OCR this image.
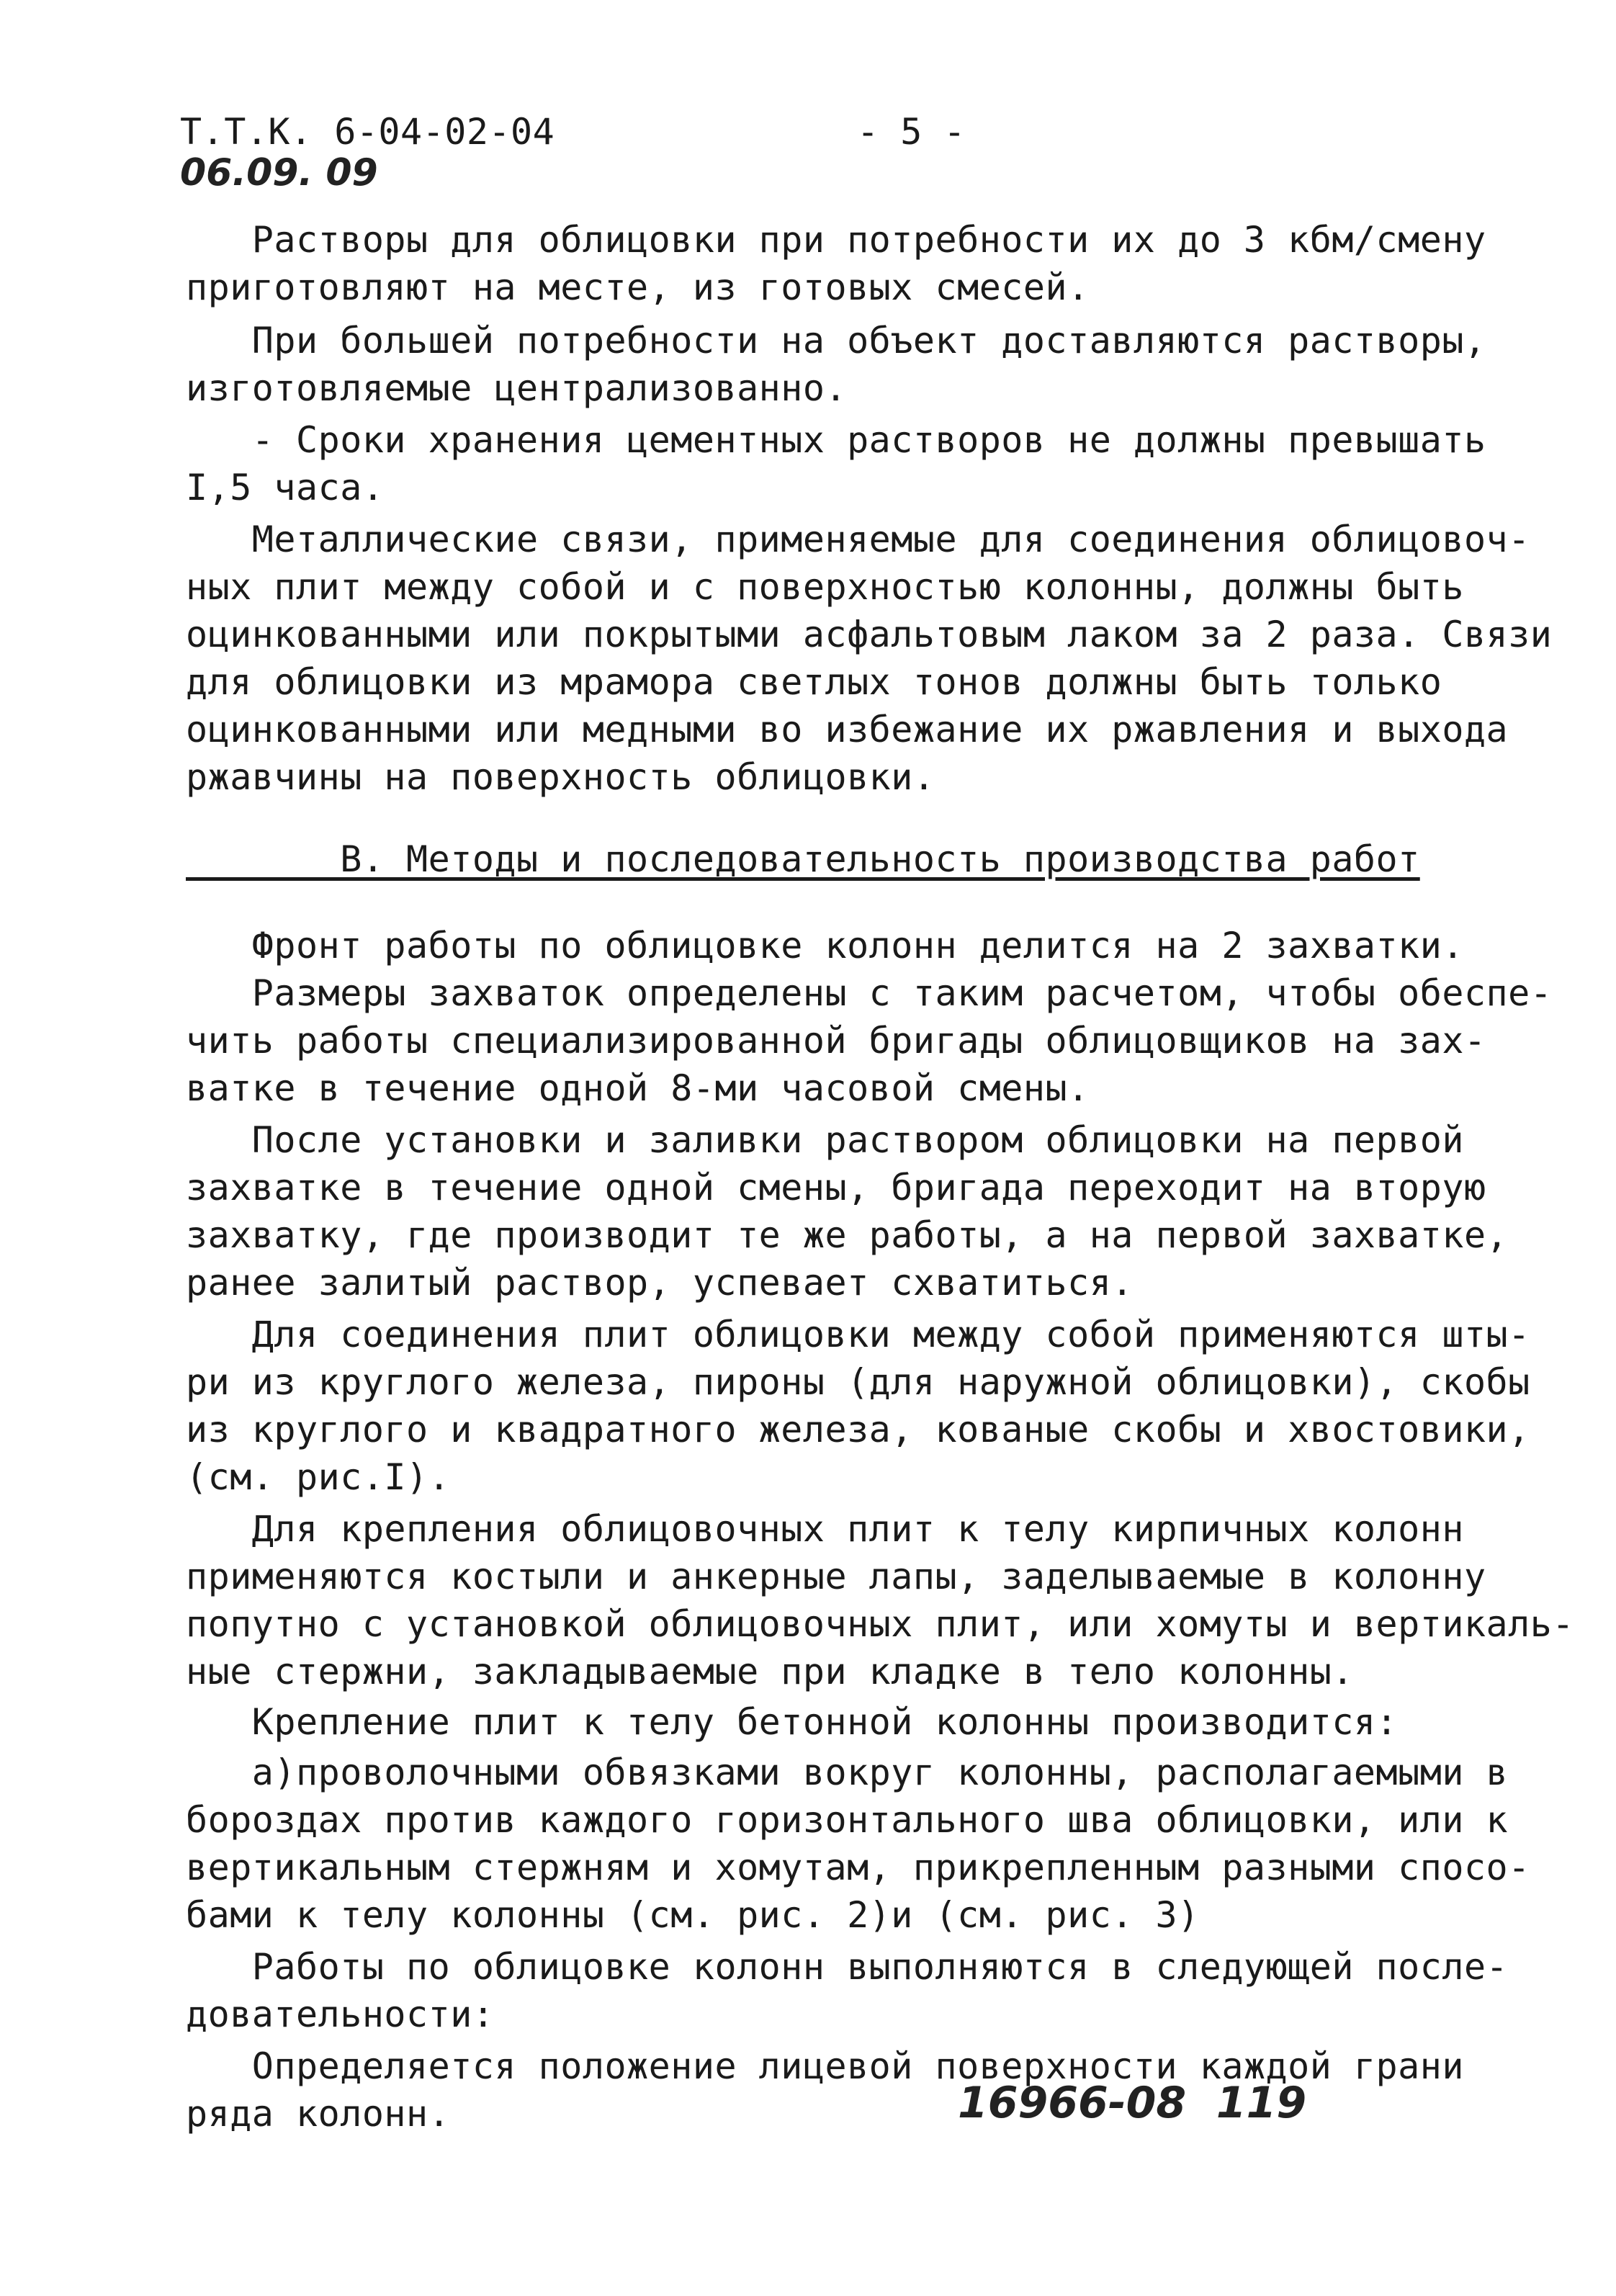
Т.Т.К. 6-04-02-04	- 5 -
06.09. 09
Растворы для облицовки при потребности их до 3 кбм/смену
приготовляют на месте, из готовых смесей.
При большей потребности на объект доставляются растворы,
изготовляемые централизованно.
- Сроки хранения цементных растворов не должны превышать
I,5 часа.
Металлические связи, применяемые для соединения облицовоч-
ных плит между собой и с поверхностью колонны, должны быть
оцинкованными или покрытыми асфальтовым лаком за 2 раза. Связи
для облицовки из мрамора светлых тонов должны быть только
оцинкованными или медными во избежание их ржавления и выхода
ржавчины на поверхность облицовки.
В. Методы и последовательность производства работ
Фронт работы по облицовке колонн делится на 2 захватки.
Размеры захваток определены с таким расчетом, чтобы обеспе-
чить работы специализированной бригады облицовщиков на зах-
ватке в течение одной 8-ми часовой смены.
После установки и заливки раствором облицовки на первой
захватке в течение одной смены, бригада переходит на вторую
захватку, где производит те же работы, а на первой захватке,
ранее залитый раствор, успевает схватиться.
Для соединения плит облицовки между собой применяются шты-
ри из круглого железа, пироны (для наружной облицовки), скобы
из круглого и квадратного железа, кованые скобы и хвостовики,
(см. рис.I).
Для крепления облицовочных плит к телу кирпичных колонн
применяются костыли и анкерные лапы, заделываемые в колонну
попутно с установкой облицовочных плит, или хомуты и вертикаль-
ные стержни, закладываемые при кладке в тело колонны.
Крепление плит к телу бетонной колонны производится:
а)проволочными обвязками вокруг колонны, располагаемыми в
бороздах против каждого горизонтального шва облицовки, или к
вертикальным стержням и хомутам, прикрепленным разными спосо-
бами к телу колонны (см. рис. 2)и (см. рис. 3)
Работы по облицовке колонн выполняются в следующей после-
довательности:
Определяется положение лицевой поверхности каждой грани
ряда колонн.	16966-08  119
